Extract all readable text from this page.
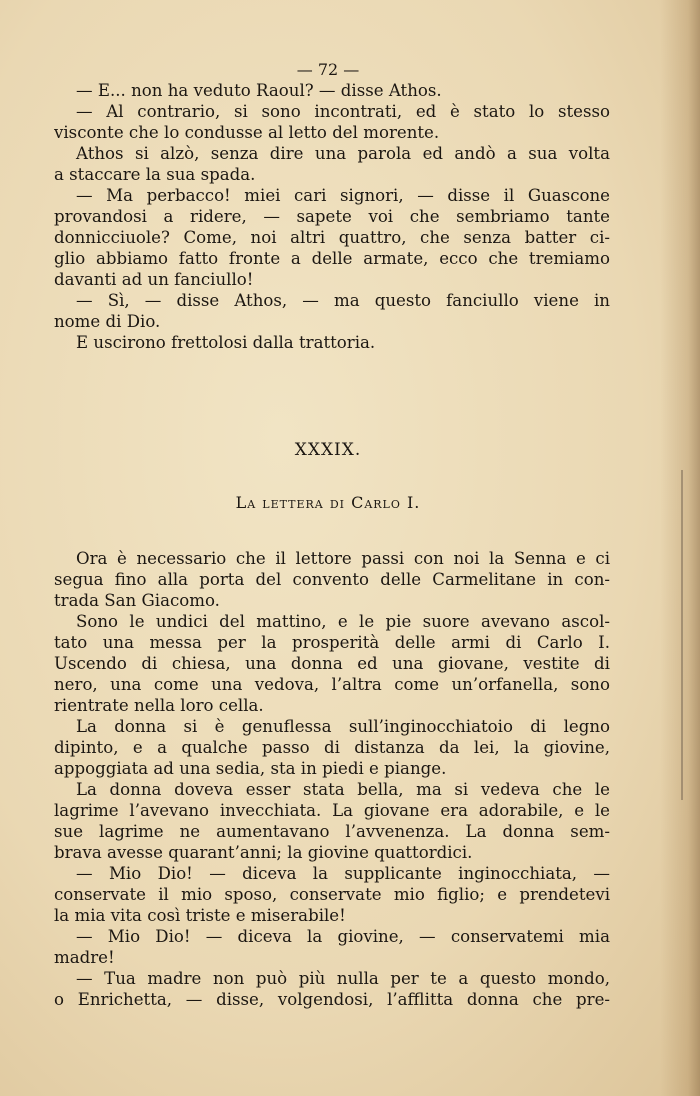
— 72 —
— E... non ha veduto Raoul? — disse Athos.
— Al contrario, si sono incontrati, ed è stato lo stesso
visconte che lo condusse al letto del morente.
Athos si alzò, senza dire una parola ed andò a sua volta
a staccare la sua spada.
— Ma perbacco! miei cari signori, — disse il Guascone
provandosi a ridere, — sapete voi che sembriamo tante
donnicciuole? Come, noi altri quattro, che senza batter ci-
glio abbiamo fatto fronte a delle armate, ecco che tremiamo
davanti ad un fanciullo!
— Sì, — disse Athos, — ma questo fanciullo viene in
nome di Dio.
E uscirono frettolosi dalla trattoria.
XXXIX.
La lettera di Carlo I.
Ora è necessario che il lettore passi con noi la Senna e ci
segua fino alla porta del convento delle Carmelitane in con-
trada San Giacomo.
Sono le undici del mattino, e le pie suore avevano ascol-
tato una messa per la prosperità delle armi di Carlo I.
Uscendo di chiesa, una donna ed una giovane, vestite di
nero, una come una vedova, l’altra come un’orfanella, sono
rientrate nella loro cella.
La donna si è genuflessa sull’inginocchiatoio di legno
dipinto, e a qualche passo di distanza da lei, la giovine,
appoggiata ad una sedia, sta in piedi e piange.
La donna doveva esser stata bella, ma si vedeva che le
lagrime l’avevano invecchiata. La giovane era adorabile, e le
sue lagrime ne aumentavano l’avvenenza. La donna sem-
brava avesse quarant’anni; la giovine quattordici.
— Mio Dio! — diceva la supplicante inginocchiata, —
conservate il mio sposo, conservate mio figlio; e prendetevi
la mia vita così triste e miserabile!
— Mio Dio! — diceva la giovine, — conservatemi mia
madre!
— Tua madre non può più nulla per te a questo mondo,
o Enrichetta, — disse, volgendosi, l’afflitta donna che pre-
